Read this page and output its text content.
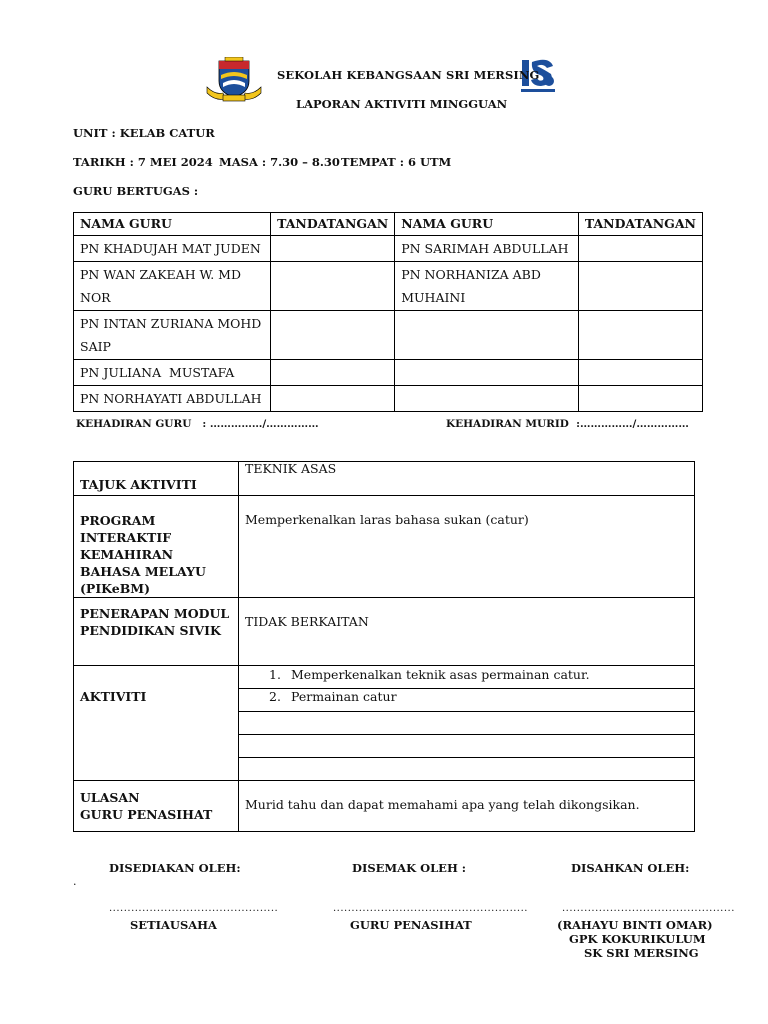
SEKOLAH KEBANGSAAN SRI MERSING
LAPORAN AKTIVITI MINGGUAN
UNIT : KELAB CATUR
TARIKH : 7 MEI 2024 MASA : 7.30 – 8.30 TEMPAT : 6 UTM
GURU BERTUGAS :
NAMA GURU	TANDATANGAN	NAMA GURU	TANDATANGAN
PN KHADUJAH MAT JUDEN		PN SARIMAH ABDULLAH	
PN WAN ZAKEAH W. MD NOR		PN NORHANIZA ABD MUHAINI	
PN INTAN ZURIANA MOHD SAIP			
PN JULIANA  MUSTAFA			
PN NORHAYATI ABDULLAH			
KEHADIRAN GURU   : ……………/……………	KEHADIRAN MURID  :……………/……………
TAJUK AKTIVITI	TEKNIK ASAS
PROGRAM INTERAKTIF KEMAHIRAN BAHASA MELAYU (PIKeBM)	Memperkenalkan laras bahasa sukan (catur)
PENERAPAN MODUL PENDIDIKAN SIVIK	TIDAK BERKAITAN
AKTIVITI	1. Memperkenalkan teknik asas permainan catur.
2. Permainan catur

ULASAN
GURU PENASIHAT	Murid tahu dan dapat memahami apa yang telah dikongsikan.
DISEDIAKAN OLEH:	DISEMAK OLEH :	DISAHKAN OLEH:
.
..............................................	.....................................................	...............................................
SETIAUSAHA	GURU PENASIHAT	(RAHAYU BINTI OMAR)
GPK KOKURIKULUM
SK SRI MERSING
